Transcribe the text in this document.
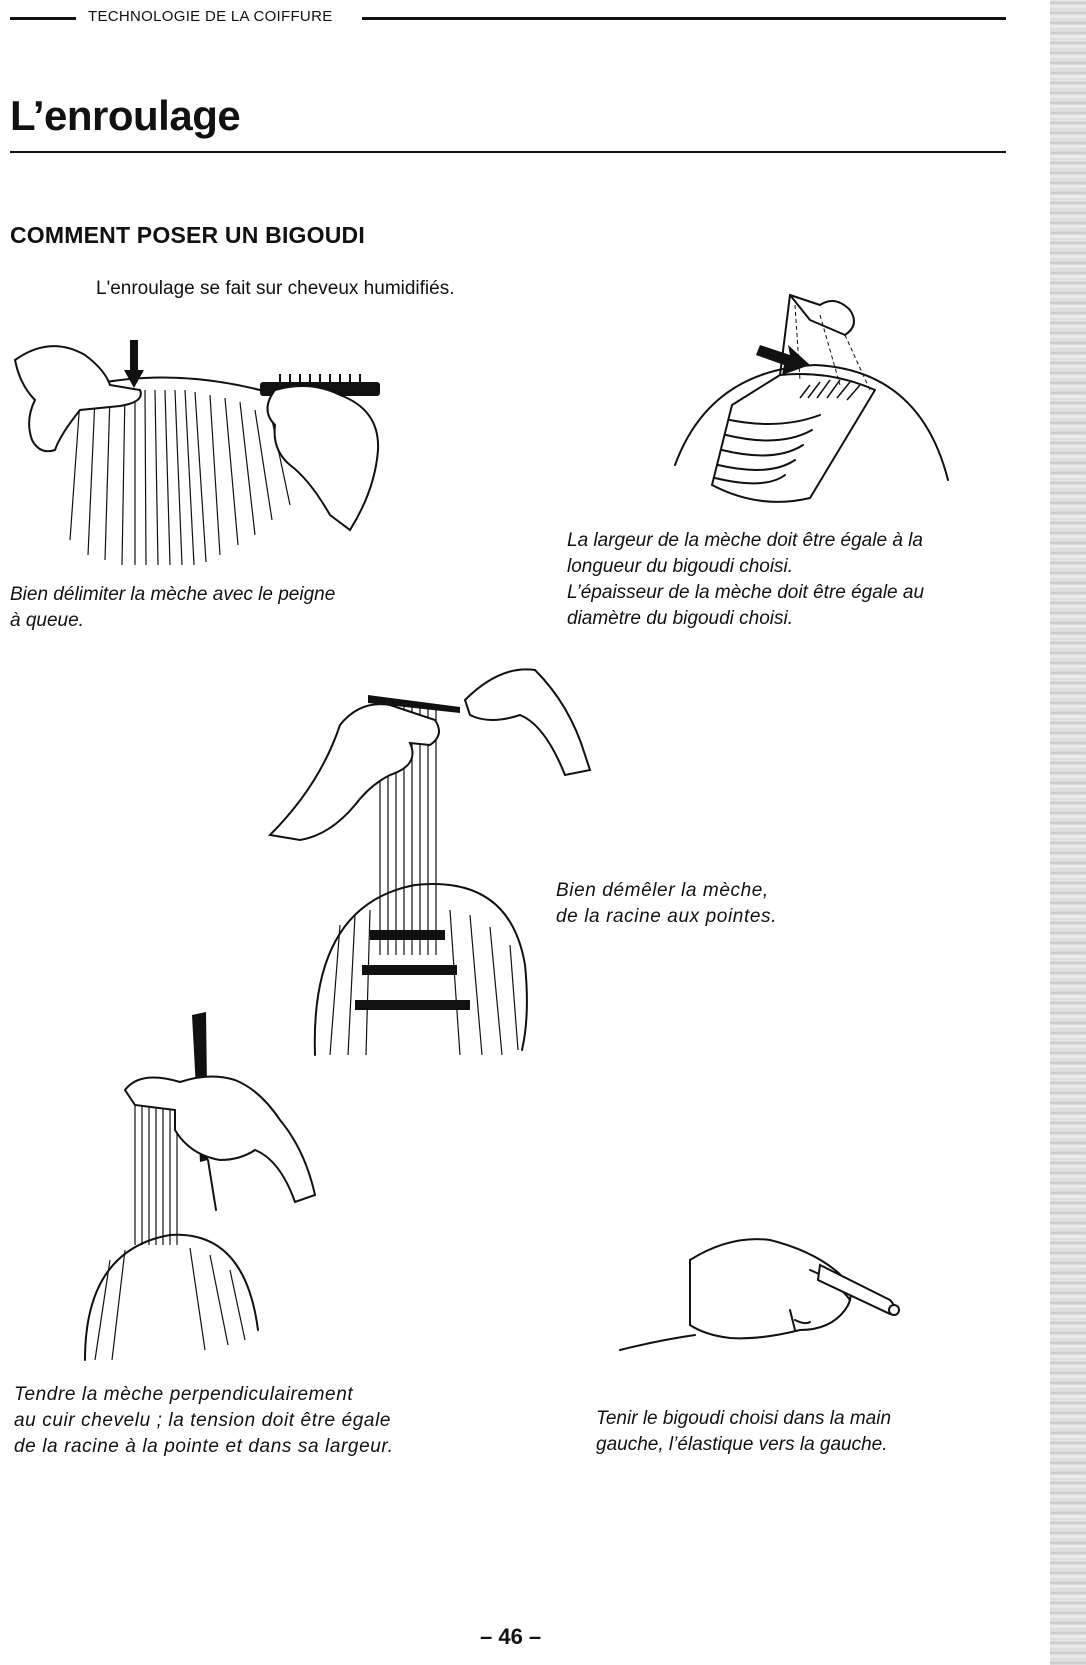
TECHNOLOGIE DE LA COIFFURE
L’enroulage
COMMENT POSER UN BIGOUDI
L'enroulage se fait sur cheveux humidifiés.
Bien délimiter la mèche avec le peigne
à queue.
La largeur de la mèche doit être égale à la
longueur du bigoudi choisi.
L’épaisseur de la mèche doit être égale au
diamètre du bigoudi choisi.
Bien démêler la mèche,
de la racine aux pointes.
Tendre la mèche perpendiculairement
au cuir chevelu ; la tension doit être égale
de la racine à la pointe et dans sa largeur.
Tenir le bigoudi choisi dans la main
gauche, l’élastique vers la gauche.
– 46 –
